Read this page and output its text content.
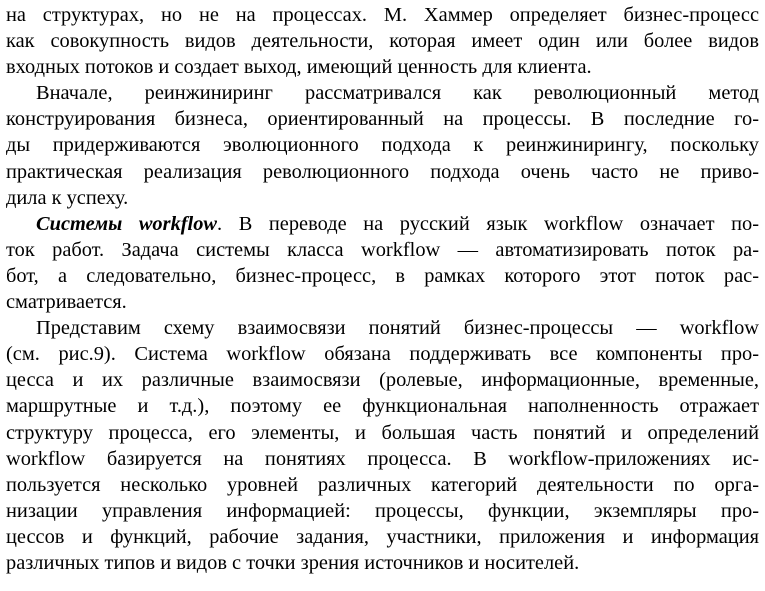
на структурах, но не на процессах. М. Хаммер определяет бизнес-процесс
как совокупность видов деятельности, которая имеет один или более видов
входных потоков и создает выход, имеющий ценность для клиента.

Вначале, реинжиниринг рассматривался как революционный метод
конструирования бизнеса, ориентированный на процессы. В последние го-
ды придерживаются эволюционного подхода к реинжинирингу, поскольку
практическая реализация революционного подхода очень часто не приво-
дила к успеху.

Системы workflow. В переводе на русский язык workflow означает по-
ток работ. Задача системы класса workflow — автоматизировать поток ра-
бот, а следовательно, бизнес-процесс, в рамках которого этот поток рас-
сматривается.

Представим схему взаимосвязи понятий бизнес-процессы — workflow
(см. рис.9). Система workflow обязана поддерживать все компоненты про-
цесса и их различные взаимосвязи (ролевые, информационные, временные,
маршрутные и т.д.), поэтому ее функциональная наполненность отражает
структуру процесса, его элементы, и большая часть понятий и определений
workflow базируется на понятиях процесса. В workflow-приложениях ис-
пользуется несколько уровней различных категорий деятельности по орга-
низации управления информацией: процессы, функции, экземпляры про-
цессов и функций, рабочие задания, участники, приложения и информация
различных типов и видов с точки зрения источников и носителей.
